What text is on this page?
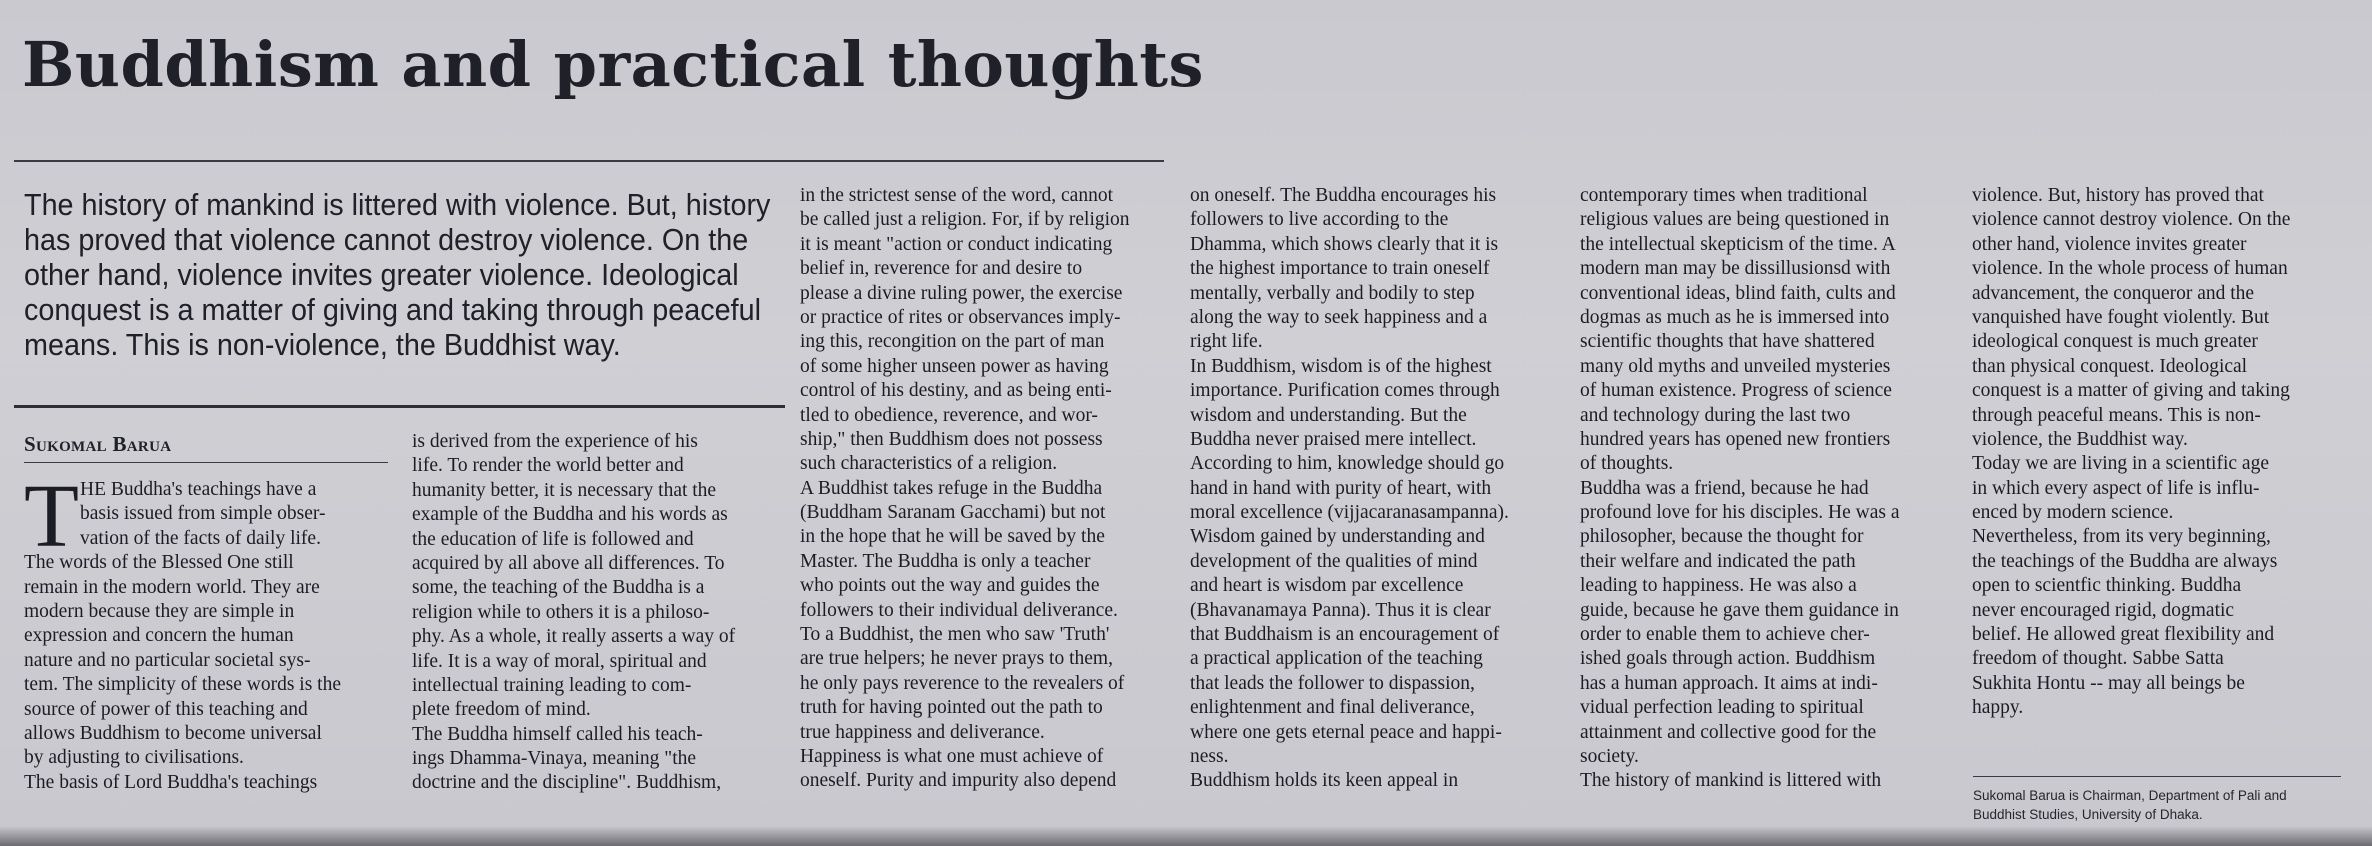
Buddhism and practical thoughts
The history of mankind is littered with violence. But, history
has proved that violence cannot destroy violence. On the
other hand, violence invites greater violence. Ideological
conquest is a matter of giving and taking through peaceful
means. This is non-violence, the Buddhist way.
Sukomal Barua
T HE Buddha's teachings have a
basis issued from simple obser-
vation of the facts of daily life.
The words of the Blessed One still
remain in the modern world. They are
modern because they are simple in
expression and concern the human
nature and no particular societal sys-
tem. The simplicity of these words is the
source of power of this teaching and
allows Buddhism to become universal
by adjusting to civilisations.
The basis of Lord Buddha's teachings
is derived from the experience of his
life. To render the world better and
humanity better, it is necessary that the
example of the Buddha and his words as
the education of life is followed and
acquired by all above all differences. To
some, the teaching of the Buddha is a
religion while to others it is a philoso-
phy. As a whole, it really asserts a way of
life. It is a way of moral, spiritual and
intellectual training leading to com-
plete freedom of mind.
The Buddha himself called his teach-
ings Dhamma-Vinaya, meaning "the
doctrine and the discipline". Buddhism,
in the strictest sense of the word, cannot
be called just a religion. For, if by religion
it is meant "action or conduct indicating
belief in, reverence for and desire to
please a divine ruling power, the exercise
or practice of rites or observances imply-
ing this, recongition on the part of man
of some higher unseen power as having
control of his destiny, and as being enti-
tled to obedience, reverence, and wor-
ship," then Buddhism does not possess
such characteristics of a religion.
A Buddhist takes refuge in the Buddha
(Buddham Saranam Gacchami) but not
in the hope that he will be saved by the
Master. The Buddha is only a teacher
who points out the way and guides the
followers to their individual deliverance.
To a Buddhist, the men who saw 'Truth'
are true helpers; he never prays to them,
he only pays reverence to the revealers of
truth for having pointed out the path to
true happiness and deliverance.
Happiness is what one must achieve of
oneself. Purity and impurity also depend
on oneself. The Buddha encourages his
followers to live according to the
Dhamma, which shows clearly that it is
the highest importance to train oneself
mentally, verbally and bodily to step
along the way to seek happiness and a
right life.
In Buddhism, wisdom is of the highest
importance. Purification comes through
wisdom and understanding. But the
Buddha never praised mere intellect.
According to him, knowledge should go
hand in hand with purity of heart, with
moral excellence (vijjacaranasampanna).
Wisdom gained by understanding and
development of the qualities of mind
and heart is wisdom par excellence
(Bhavanamaya Panna). Thus it is clear
that Buddhaism is an encouragement of
a practical application of the teaching
that leads the follower to dispassion,
enlightenment and final deliverance,
where one gets eternal peace and happi-
ness.
Buddhism holds its keen appeal in
contemporary times when traditional
religious values are being questioned in
the intellectual skepticism of the time. A
modern man may be dissillusionsd with
conventional ideas, blind faith, cults and
dogmas as much as he is immersed into
scientific thoughts that have shattered
many old myths and unveiled mysteries
of human existence. Progress of science
and technology during the last two
hundred years has opened new frontiers
of thoughts.
Buddha was a friend, because he had
profound love for his disciples. He was a
philosopher, because the thought for
their welfare and indicated the path
leading to happiness. He was also a
guide, because he gave them guidance in
order to enable them to achieve cher-
ished goals through action. Buddhism
has a human approach. It aims at indi-
vidual perfection leading to spiritual
attainment and collective good for the
society.
The history of mankind is littered with
violence. But, history has proved that
violence cannot destroy violence. On the
other hand, violence invites greater
violence. In the whole process of human
advancement, the conqueror and the
vanquished have fought violently. But
ideological conquest is much greater
than physical conquest. Ideological
conquest is a matter of giving and taking
through peaceful means. This is non-
violence, the Buddhist way.
Today we are living in a scientific age
in which every aspect of life is influ-
enced by modern science.
Nevertheless, from its very beginning,
the teachings of the Buddha are always
open to scientfic thinking. Buddha
never encouraged rigid, dogmatic
belief. He allowed great flexibility and
freedom of thought. Sabbe Satta
Sukhita Hontu -- may all beings be
happy.
Sukomal Barua is Chairman, Department of Pali and
Buddhist Studies, University of Dhaka.
